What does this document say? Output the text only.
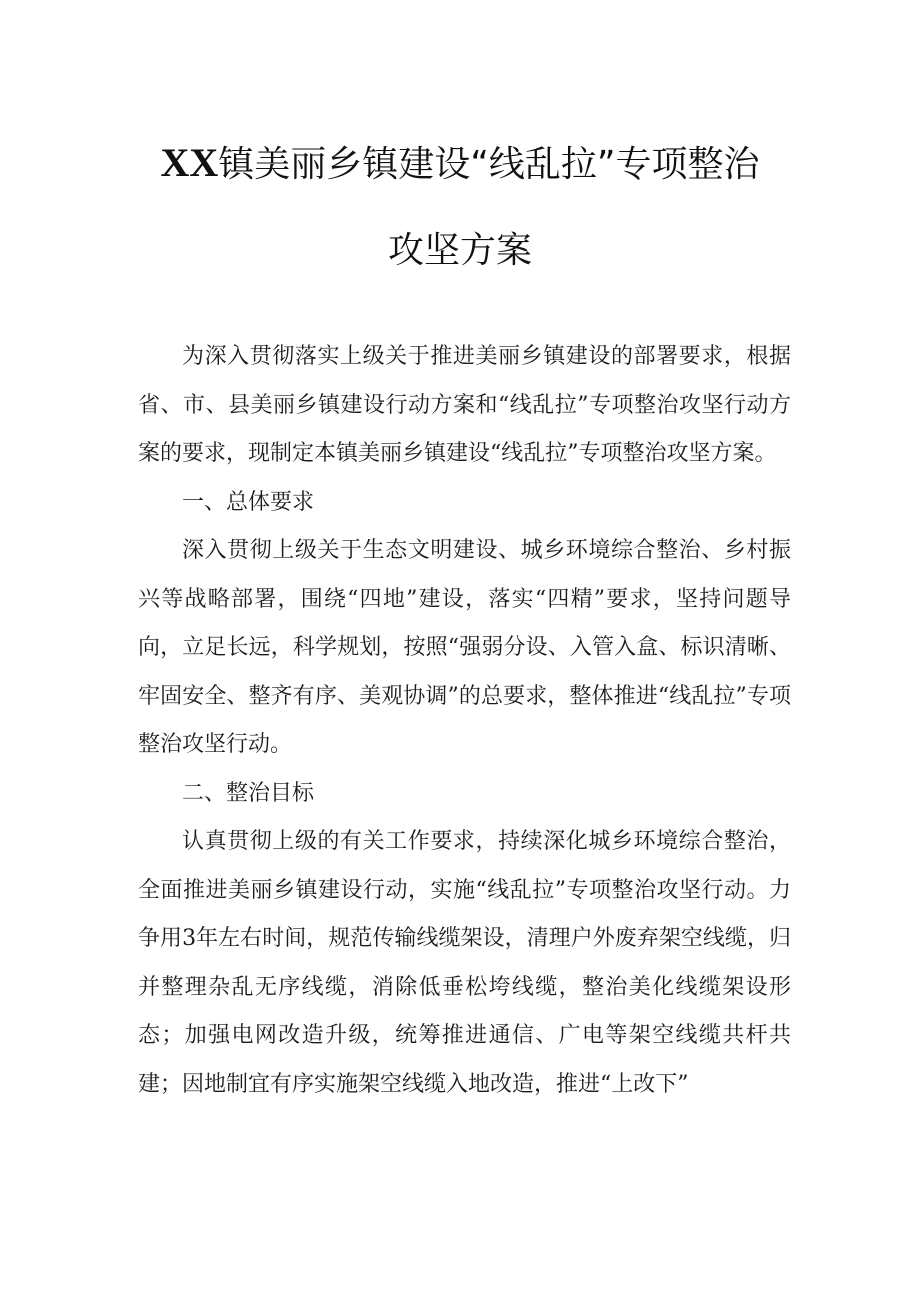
XX镇美丽乡镇建设“线乱拉”专项整治
攻坚方案

为深入贯彻落实上级关于推进美丽乡镇建设的部署要求，根据省、市、县美丽乡镇建设行动方案和“线乱拉”专项整治攻坚行动方案的要求，现制定本镇美丽乡镇建设“线乱拉”专项整治攻坚方案。

一、总体要求

深入贯彻上级关于生态文明建设、城乡环境综合整治、乡村振兴等战略部署，围绕“四地”建设，落实“四精”要求，坚持问题导向，立足长远，科学规划，按照“强弱分设、入管入盒、标识清晰、牢固安全、整齐有序、美观协调”的总要求，整体推进“线乱拉”专项整治攻坚行动。

二、整治目标

认真贯彻上级的有关工作要求，持续深化城乡环境综合整治，全面推进美丽乡镇建设行动，实施“线乱拉”专项整治攻坚行动。力争用3年左右时间，规范传输线缆架设，清理户外废弃架空线缆，归并整理杂乱无序线缆，消除低垂松垮线缆，整治美化线缆架设形态；加强电网改造升级，统筹推进通信、广电等架空线缆共杆共建；因地制宜有序实施架空线缆入地改造，推进“上改下”
